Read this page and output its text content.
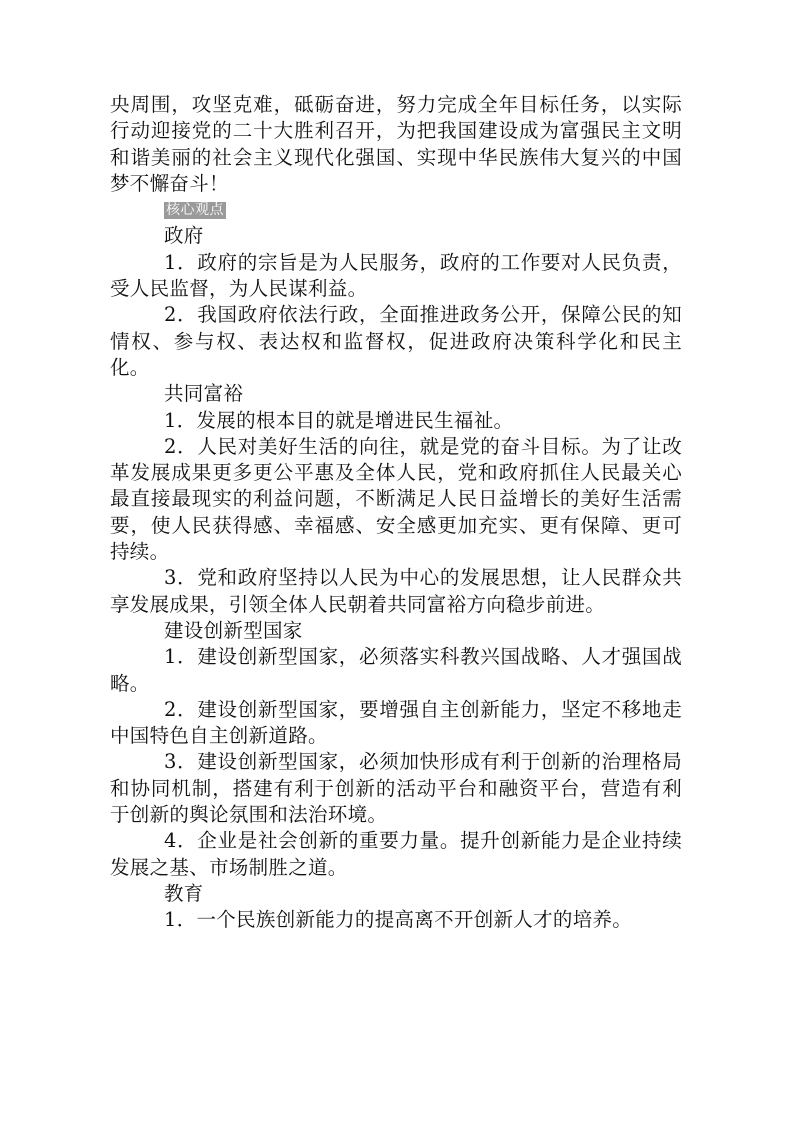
央周围，攻坚克难，砥砺奋进，努力完成全年目标任务，以实际行动迎接党的二十大胜利召开，为把我国建设成为富强民主文明和谐美丽的社会主义现代化强国、实现中华民族伟大复兴的中国梦不懈奋斗！

核心观点
政府

1．政府的宗旨是为人民服务，政府的工作要对人民负责，受人民监督，为人民谋利益。

2．我国政府依法行政，全面推进政务公开，保障公民的知情权、参与权、表达权和监督权，促进政府决策科学化和民主化。

共同富裕

1．发展的根本目的就是增进民生福祉。

2．人民对美好生活的向往，就是党的奋斗目标。为了让改革发展成果更多更公平惠及全体人民，党和政府抓住人民最关心最直接最现实的利益问题，不断满足人民日益增长的美好生活需要，使人民获得感、幸福感、安全感更加充实、更有保障、更可持续。

3．党和政府坚持以人民为中心的发展思想，让人民群众共享发展成果，引领全体人民朝着共同富裕方向稳步前进。

建设创新型国家

1．建设创新型国家，必须落实科教兴国战略、人才强国战略。

2．建设创新型国家，要增强自主创新能力，坚定不移地走中国特色自主创新道路。

3．建设创新型国家，必须加快形成有利于创新的治理格局和协同机制，搭建有利于创新的活动平台和融资平台，营造有利于创新的舆论氛围和法治环境。

4．企业是社会创新的重要力量。提升创新能力是企业持续发展之基、市场制胜之道。

教育

1．一个民族创新能力的提高离不开创新人才的培养。
